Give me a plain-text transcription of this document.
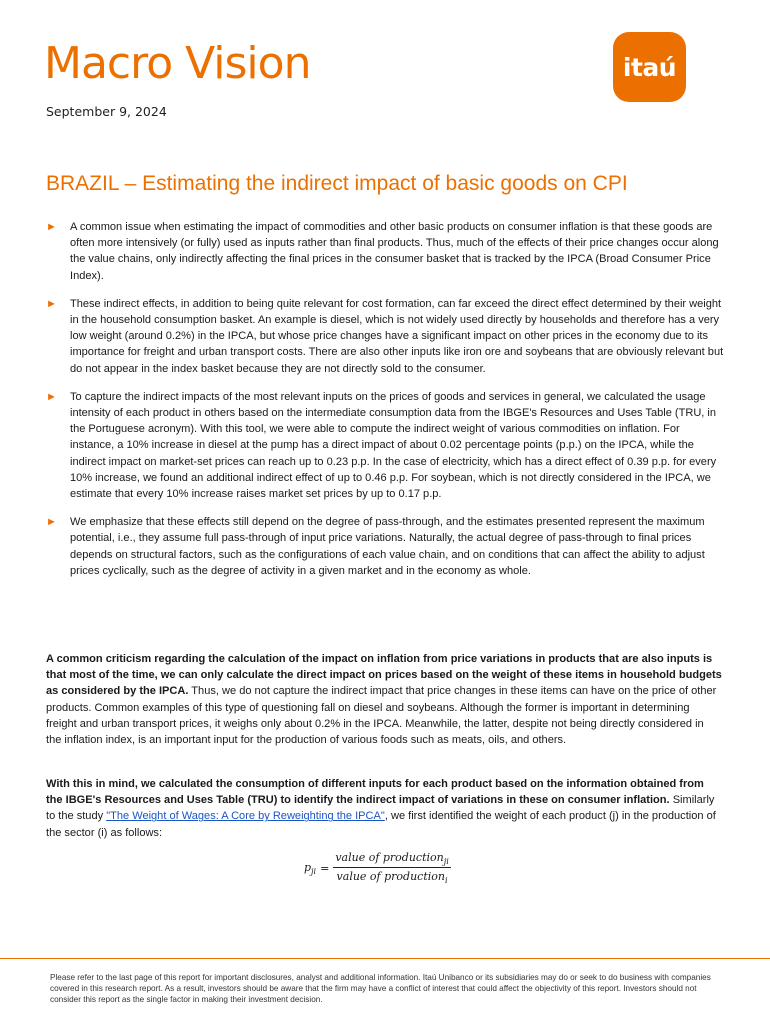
Macro Vision
September 9, 2024
itaú
BRAZIL – Estimating the indirect impact of basic goods on CPI
► A common issue when estimating the impact of commodities and other basic products on consumer inflation is that these goods are often more intensively (or fully) used as inputs rather than final products. Thus, much of the effects of their price changes occur along the value chains, only indirectly affecting the final prices in the consumer basket that is tracked by the IPCA (Broad Consumer Price Index).
► These indirect effects, in addition to being quite relevant for cost formation, can far exceed the direct effect determined by their weight in the household consumption basket. An example is diesel, which is not widely used directly by households and therefore has a very low weight (around 0.2%) in the IPCA, but whose price changes have a significant impact on other prices in the economy due to its importance for freight and urban transport costs. There are also other inputs like iron ore and soybeans that are obviously relevant but do not appear in the index basket because they are not directly sold to the consumer.
► To capture the indirect impacts of the most relevant inputs on the prices of goods and services in general, we calculated the usage intensity of each product in others based on the intermediate consumption data from the IBGE's Resources and Uses Table (TRU, in the Portuguese acronym). With this tool, we were able to compute the indirect weight of various commodities on inflation. For instance, a 10% increase in diesel at the pump has a direct impact of about 0.02 percentage points (p.p.) on the IPCA, while the indirect impact on market-set prices can reach up to 0.23 p.p. In the case of electricity, which has a direct effect of 0.39 p.p. for every 10% increase, we found an additional indirect effect of up to 0.46 p.p. For soybean, which is not directly considered in the IPCA, we estimate that every 10% increase raises market set prices by up to 0.17 p.p.
► We emphasize that these effects still depend on the degree of pass-through, and the estimates presented represent the maximum potential, i.e., they assume full pass-through of input price variations. Naturally, the actual degree of pass-through to final prices depends on structural factors, such as the configurations of each value chain, and on conditions that can affect the ability to adjust prices cyclically, such as the degree of activity in a given market and in the economy as whole.

A common criticism regarding the calculation of the impact on inflation from price variations in products that are also inputs is that most of the time, we can only calculate the direct impact on prices based on the weight of these items in household budgets as considered by the IPCA. Thus, we do not capture the indirect impact that price changes in these items can have on the price of other products. Common examples of this type of questioning fall on diesel and soybeans. Although the former is important in determining freight and urban transport prices, it weighs only about 0.2% in the IPCA. Meanwhile, the latter, despite not being directly considered in the inflation index, is an important input for the production of various foods such as meats, oils, and others.

With this in mind, we calculated the consumption of different inputs for each product based on the information obtained from the IBGE's Resources and Uses Table (TRU) to identify the indirect impact of variations in these on consumer inflation. Similarly to the study "The Weight of Wages: A Core by Reweighting the IPCA", we first identified the weight of each product (j) in the production of the sector (i) as follows:

$p_{ji} = \frac{value of production_{ji}}{value of production_i}$

Please refer to the last page of this report for important disclosures, analyst and additional information. Itaú Unibanco or its subsidiaries may do or seek to do business with companies covered in this research report. As a result, investors should be aware that the firm may have a conflict of interest that could affect the objectivity of this report. Investors should not consider this report as the single factor in making their investment decision.
